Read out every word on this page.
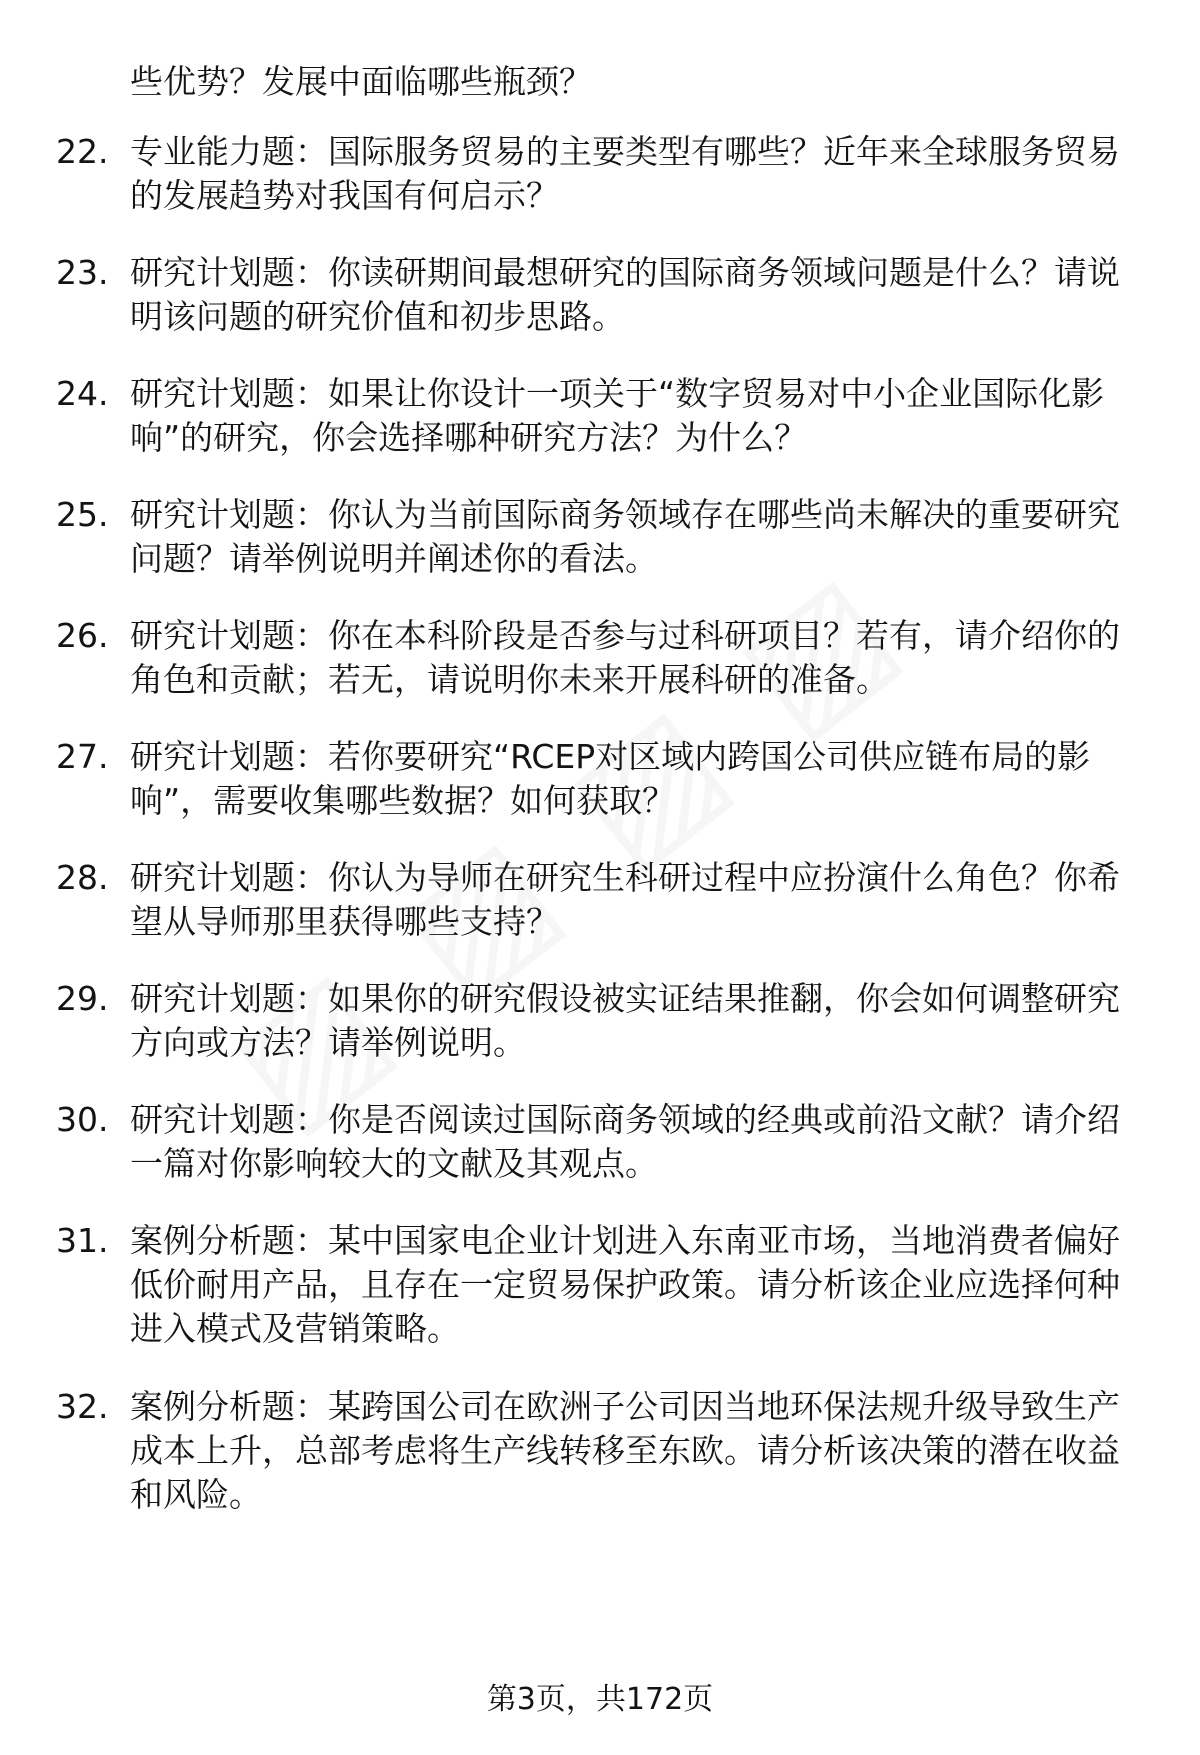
些优势？发展中面临哪些瓶颈？
22. 专业能力题：国际服务贸易的主要类型有哪些？近年来全球服务贸易的发展趋势对我国有何启示？
23. 研究计划题：你读研期间最想研究的国际商务领域问题是什么？请说明该问题的研究价值和初步思路。
24. 研究计划题：如果让你设计一项关于“数字贸易对中小企业国际化影响”的研究，你会选择哪种研究方法？为什么？
25. 研究计划题：你认为当前国际商务领域存在哪些尚未解决的重要研究问题？请举例说明并阐述你的看法。
26. 研究计划题：你在本科阶段是否参与过科研项目？若有，请介绍你的角色和贡献；若无，请说明你未来开展科研的准备。
27. 研究计划题：若你要研究“RCEP对区域内跨国公司供应链布局的影响”，需要收集哪些数据？如何获取？
28. 研究计划题：你认为导师在研究生科研过程中应扮演什么角色？你希望从导师那里获得哪些支持？
29. 研究计划题：如果你的研究假设被实证结果推翻，你会如何调整研究方向或方法？请举例说明。
30. 研究计划题：你是否阅读过国际商务领域的经典或前沿文献？请介绍一篇对你影响较大的文献及其观点。
31. 案例分析题：某中国家电企业计划进入东南亚市场，当地消费者偏好低价耐用产品，且存在一定贸易保护政策。请分析该企业应选择何种进入模式及营销策略。
32. 案例分析题：某跨国公司在欧洲子公司因当地环保法规升级导致生产成本上升，总部考虑将生产线转移至东欧。请分析该决策的潜在收益和风险。
第3页，共172页
